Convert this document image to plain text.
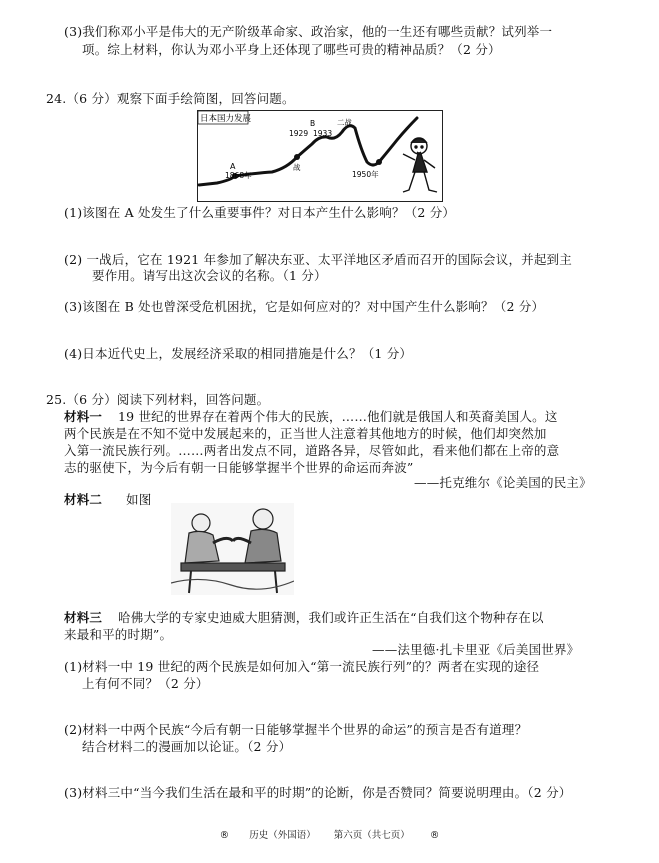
(3)我们称邓小平是伟大的无产阶级革命家、政治家，他的一生还有哪些贡献？试列举一
项。综上材料，你认为邓小平身上还体现了哪些可贵的精神品质？（2 分）
24.（6 分）观察下面手绘简图，回答问题。
日本国力发展
A
1868年
B
1929 1933
二战
1950年
战
(1)该图在 A 处发生了什么重要事件？对日本产生什么影响？（2 分）
(2) 一战后，它在 1921 年参加了解决东亚、太平洋地区矛盾而召开的国际会议，并起到主
要作用。请写出这次会议的名称。（1 分）
(3)该图在 B 处也曾深受危机困扰，它是如何应对的？对中国产生什么影响？（2 分）
(4)日本近代史上，发展经济采取的相同措施是什么？（1 分）
25.（6 分）阅读下列材料，回答问题。
材料一 19 世纪的世界存在着两个伟大的民族，……他们就是俄国人和英裔美国人。这
两个民族是在不知不觉中发展起来的，正当世人注意着其他地方的时候，他们却突然加
入第一流民族行列。……两者出发点不同，道路各异，尽管如此，看来他们都在上帝的意
志的驱使下，为今后有朝一日能够掌握半个世界的命运而奔波”
——托克维尔《论美国的民主》
材料二 如图
材料三 哈佛大学的专家史迪威大胆猜测，我们或许正生活在“自我们这个物种存在以
来最和平的时期”。
——法里德·扎卡里亚《后美国世界》
(1)材料一中 19 世纪的两个民族是如何加入“第一流民族行列”的？两者在实现的途径
上有何不同？（2 分）
(2)材料一中两个民族“今后有朝一日能够掌握半个世界的命运”的预言是否有道理？
结合材料二的漫画加以论证。（2 分）
(3)材料三中“当今我们生活在最和平的时期”的论断，你是否赞同？简要说明理由。（2 分）
® 历史（外国语） 第六页（共七页） ®
